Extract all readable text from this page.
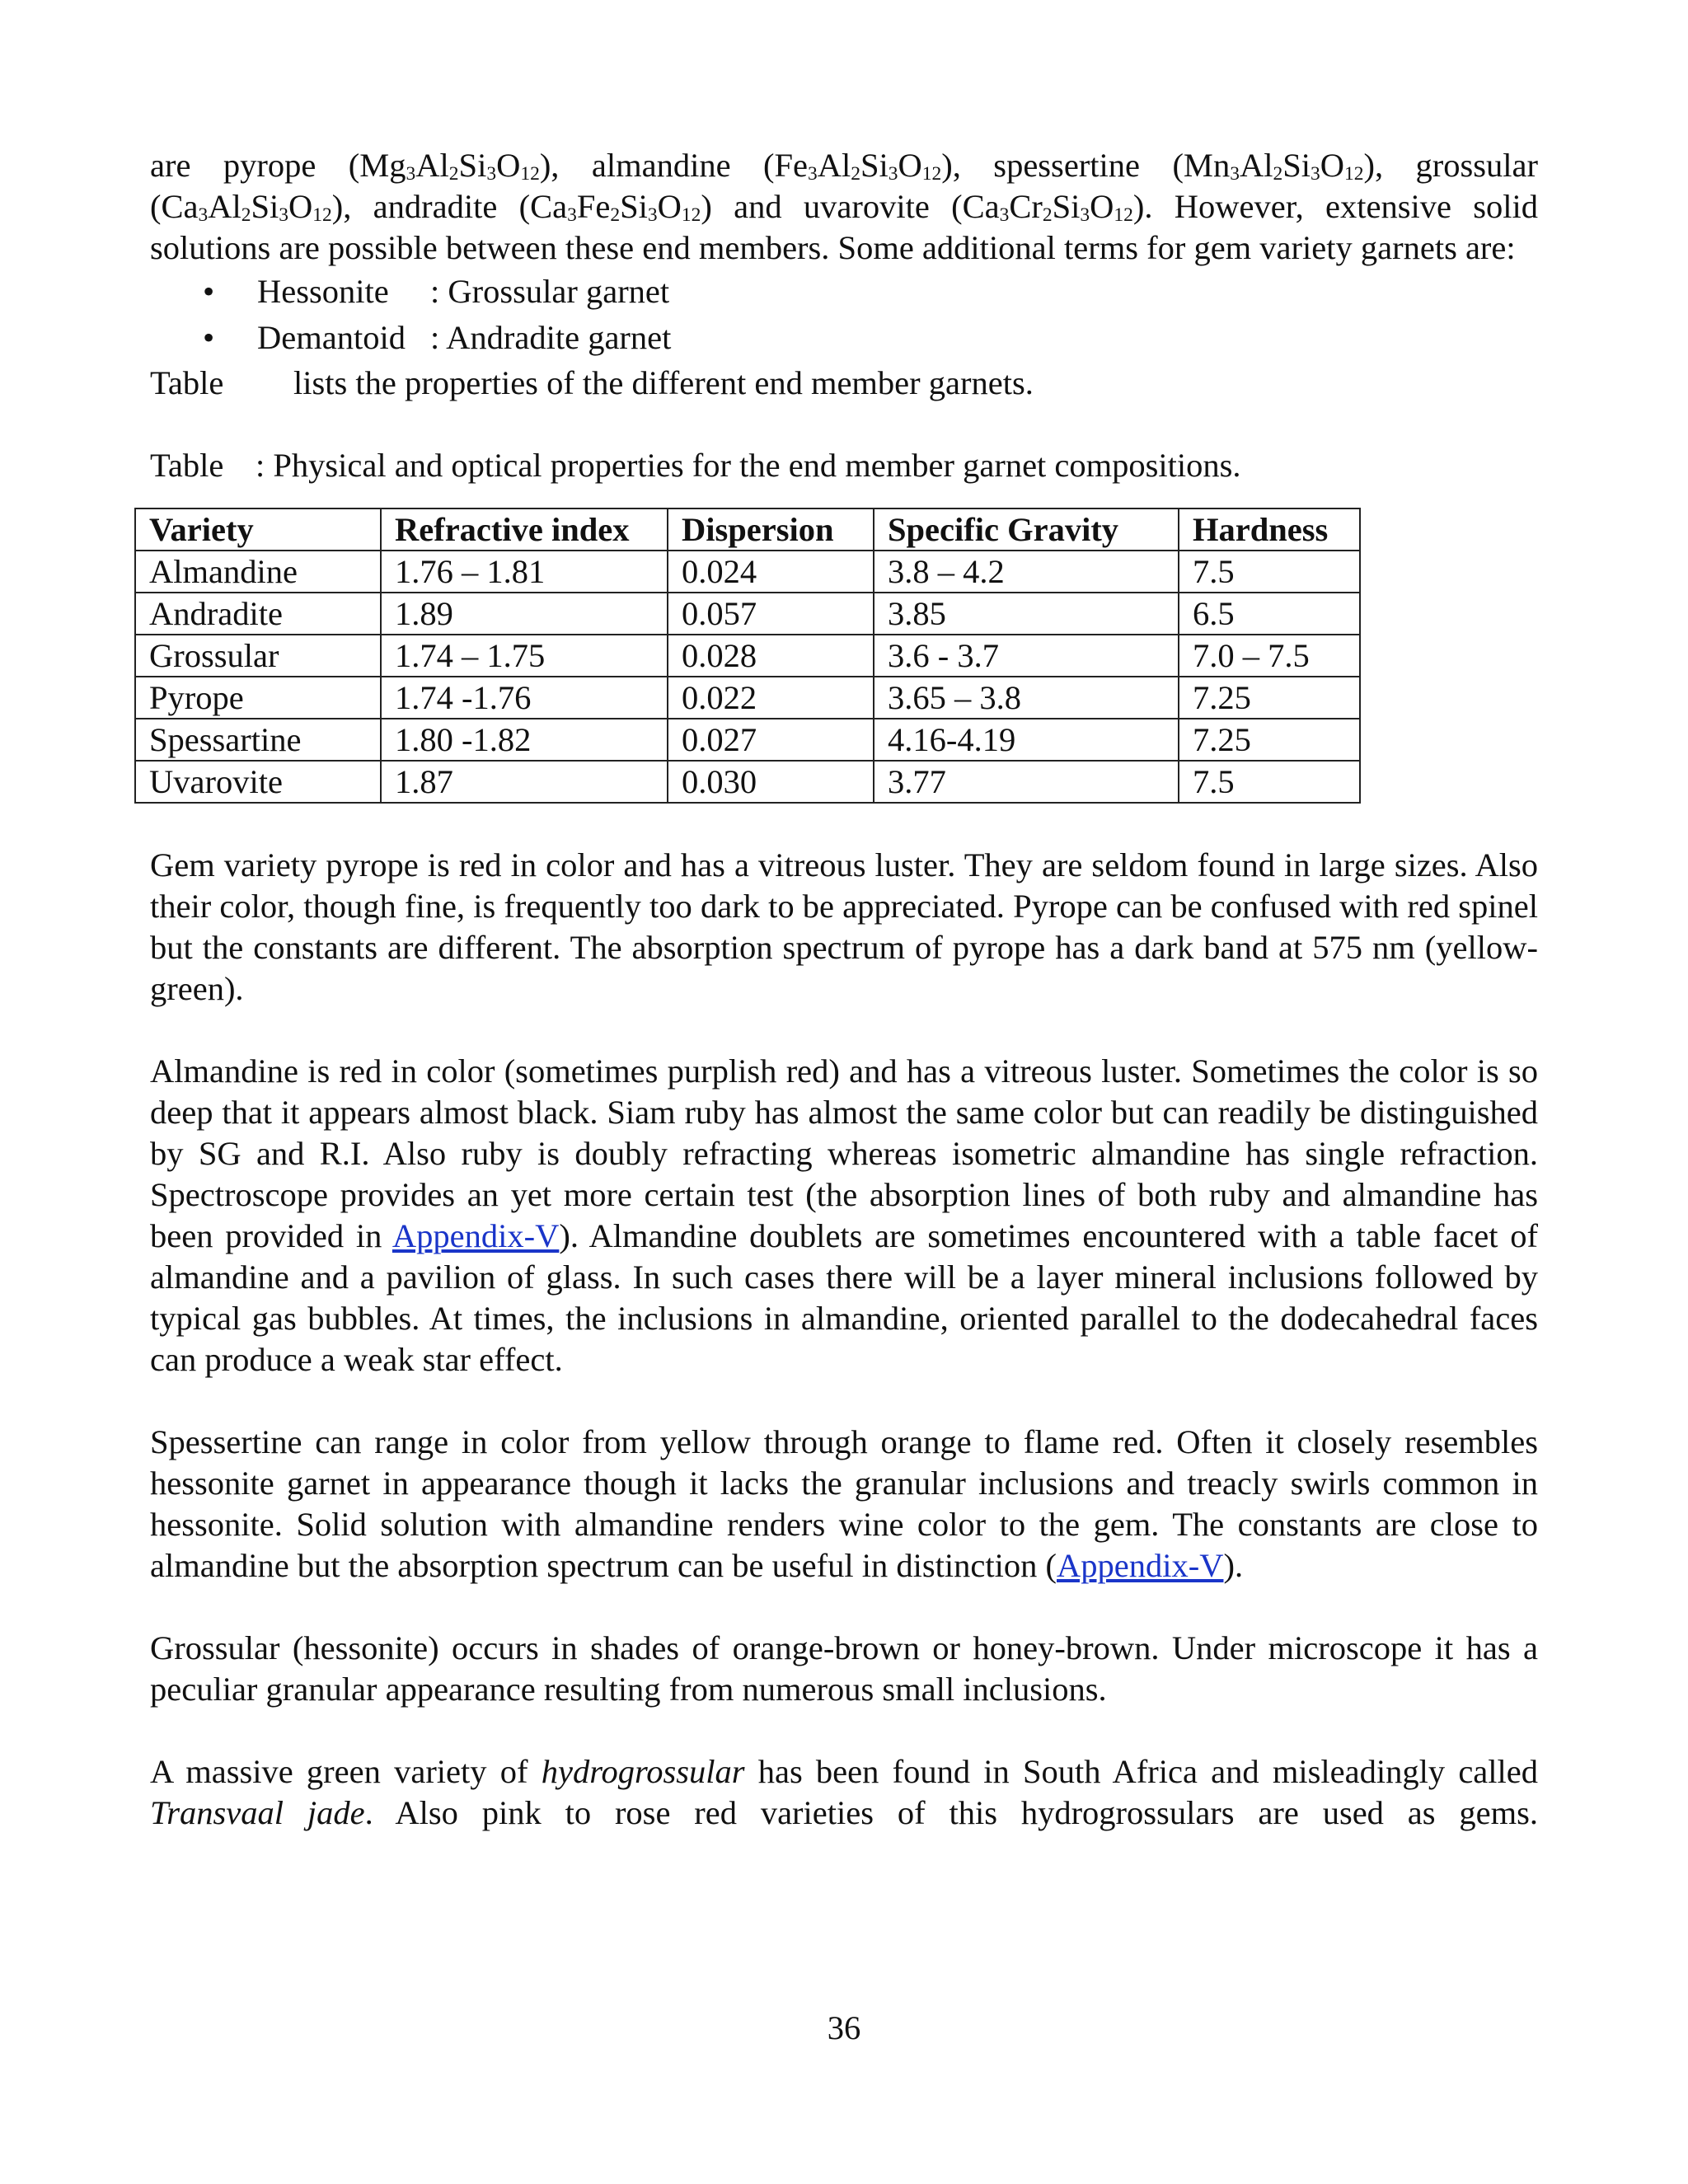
are pyrope $(Mg_3Al_2Si_3O_{12})$, almandine $(Fe_3Al_2Si_3O_{12})$, spessertine $(Mn_3Al_2Si_3O_{12})$, grossular $(Ca_3Al_2Si_3O_{12})$, andradite $(Ca_3Fe_2Si_3O_{12})$ and uvarovite $(Ca_3Cr_2Si_3O_{12})$. However, extensive solid solutions are possible between these end members. Some additional terms for gem variety garnets are:

• Hessonite : Grossular garnet
• Demantoid : Andradite garnet
Table	lists the properties of the different end member garnets.
Table : Physical and optical properties for the end member garnet compositions.
Variety	Refractive index	Dispersion	Specific Gravity	Hardness
Almandine	1.76 – 1.81	0.024	3.8 – 4.2	7.5
Andradite	1.89	0.057	3.85	6.5
Grossular	1.74 – 1.75	0.028	3.6 - 3.7	7.0 – 7.5
Pyrope	1.74 -1.76	0.022	3.65 – 3.8	7.25
Spessartine	1.80 -1.82	0.027	4.16-4.19	7.25
Uvarovite	1.87	0.030	3.77	7.5

Gem variety pyrope is red in color and has a vitreous luster. They are seldom found in large sizes. Also their color, though fine, is frequently too dark to be appreciated. Pyrope can be confused with red spinel but the constants are different. The absorption spectrum of pyrope has a dark band at 575 nm (yellow-green).

Almandine is red in color (sometimes purplish red) and has a vitreous luster. Sometimes the color is so deep that it appears almost black. Siam ruby has almost the same color but can readily be distinguished by SG and R.I. Also ruby is doubly refracting whereas isometric almandine has single refraction. Spectroscope provides an yet more certain test (the absorption lines of both ruby and almandine has been provided in Appendix-V). Almandine doublets are sometimes encountered with a table facet of almandine and a pavilion of glass. In such cases there will be a layer mineral inclusions followed by typical gas bubbles. At times, the inclusions in almandine, oriented parallel to the dodecahedral faces can produce a weak star effect.

Spessertine can range in color from yellow through orange to flame red. Often it closely resembles hessonite garnet in appearance though it lacks the granular inclusions and treacly swirls common in hessonite. Solid solution with almandine renders wine color to the gem. The constants are close to almandine but the absorption spectrum can be useful in distinction (Appendix-V).

Grossular (hessonite) occurs in shades of orange-brown or honey-brown. Under microscope it has a peculiar granular appearance resulting from numerous small inclusions.

A massive green variety of hydrogrossular has been found in South Africa and misleadingly called Transvaal jade. Also pink to rose red varieties of this hydrogrossulars are used as gems.

36
